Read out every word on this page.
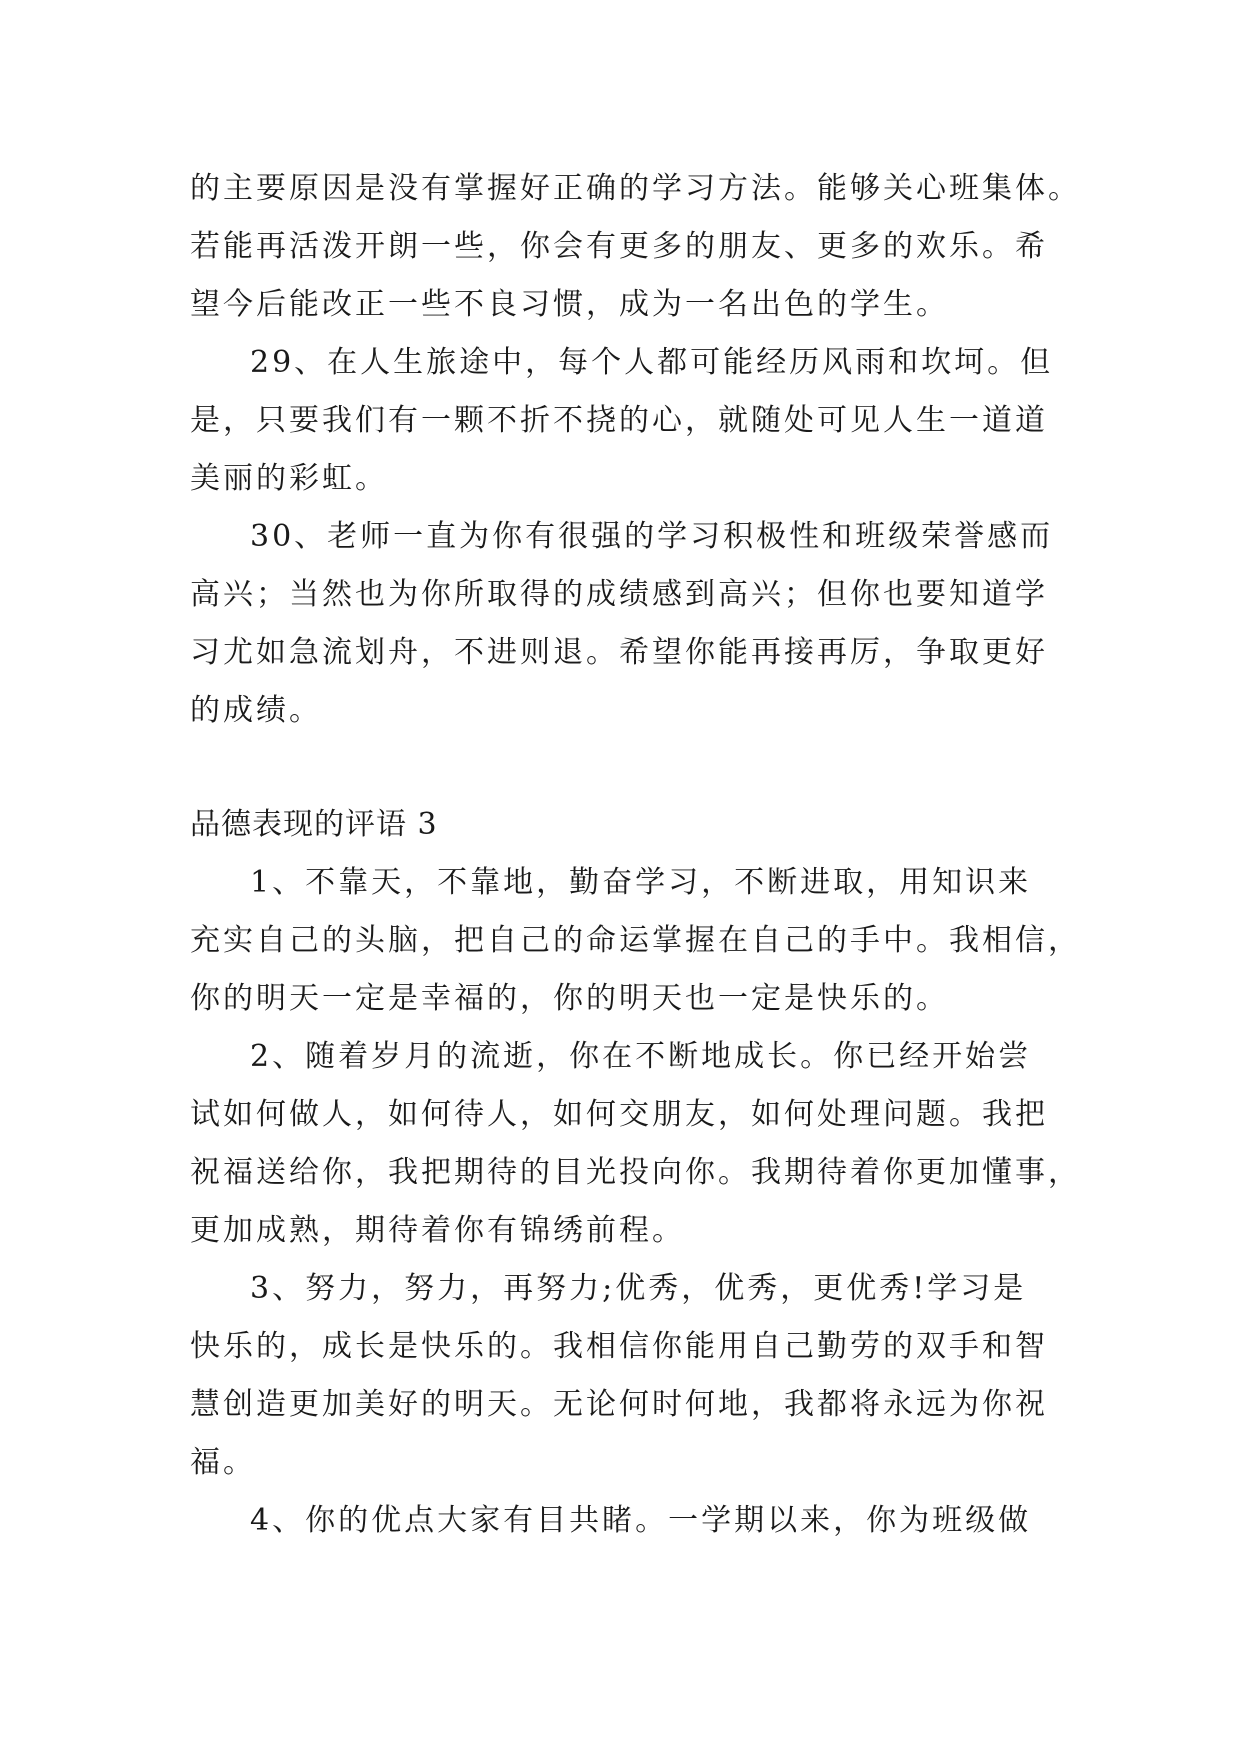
的主要原因是没有掌握好正确的学习方法。能够关心班集体。
若能再活泼开朗一些，你会有更多的朋友、更多的欢乐。希
望今后能改正一些不良习惯，成为一名出色的学生。
29、在人生旅途中，每个人都可能经历风雨和坎坷。但
是，只要我们有一颗不折不挠的心，就随处可见人生一道道
美丽的彩虹。
30、老师一直为你有很强的学习积极性和班级荣誉感而
高兴；当然也为你所取得的成绩感到高兴；但你也要知道学
习尤如急流划舟，不进则退。希望你能再接再厉，争取更好
的成绩。
品德表现的评语 3
1、不靠天，不靠地，勤奋学习，不断进取，用知识来
充实自己的头脑，把自己的命运掌握在自己的手中。我相信，
你的明天一定是幸福的，你的明天也一定是快乐的。
2、随着岁月的流逝，你在不断地成长。你已经开始尝
试如何做人，如何待人，如何交朋友，如何处理问题。我把
祝福送给你，我把期待的目光投向你。我期待着你更加懂事，
更加成熟，期待着你有锦绣前程。
3、努力，努力，再努力;优秀，优秀，更优秀!学习是
快乐的，成长是快乐的。我相信你能用自己勤劳的双手和智
慧创造更加美好的明天。无论何时何地，我都将永远为你祝
福。
4、你的优点大家有目共睹。一学期以来，你为班级做
